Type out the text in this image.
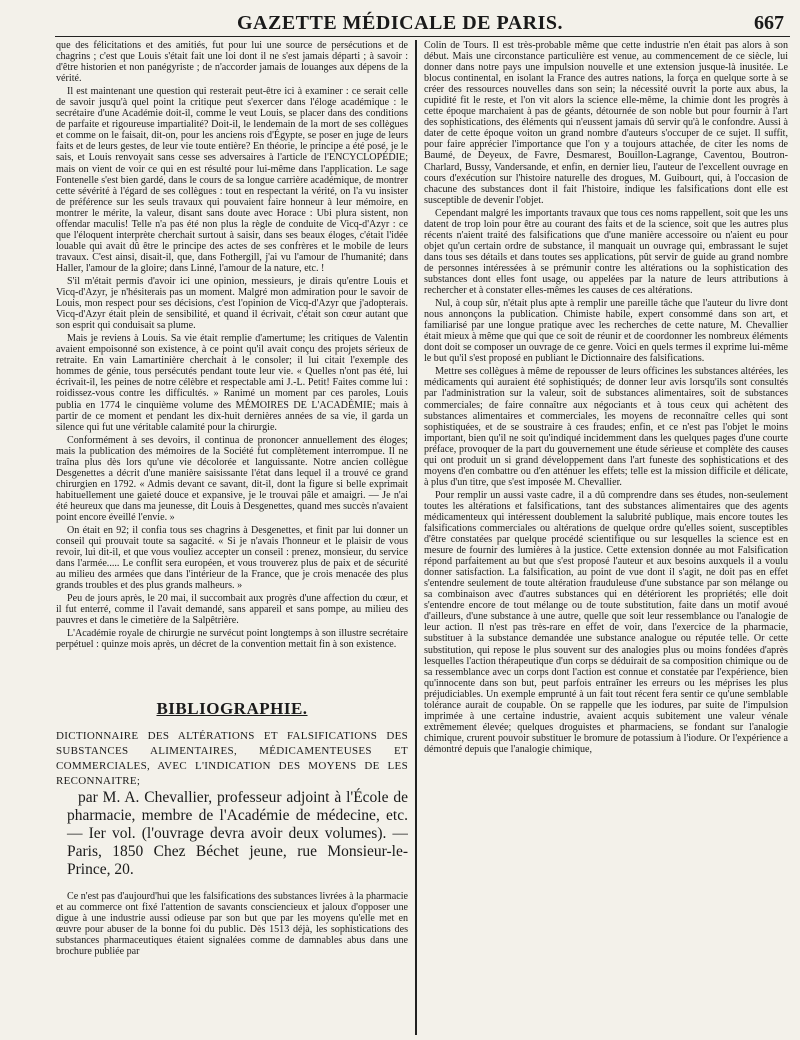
GAZETTE MÉDICALE DE PARIS.	667

que des félicitations et des amitiés, fut pour lui une source de persécutions et de chagrins ; c'est que Louis s'était fait une loi dont il ne s'est jamais départi ; à savoir : d'être historien et non panégyriste ; de n'accorder jamais de louanges aux dépens de la vérité.

Il est maintenant une question qui resterait peut-être ici à examiner : ce serait celle de savoir jusqu'à quel point la critique peut s'exercer dans l'éloge académique : le secrétaire d'une Académie doit-il, comme le veut Louis, se placer dans des conditions de parfaite et rigoureuse impartialité? Doit-il, le lendemain de la mort de ses collègues et comme on le faisait, dit-on, pour les anciens rois d'Égypte, se poser en juge de leurs faits et de leurs gestes, de leur vie toute entière? En théorie, le principe a été posé, je le sais, et Louis renvoyait sans cesse ses adversaires à l'article de l'ENCYCLOPÉDIE; mais on vient de voir ce qui en est résulté pour lui-même dans l'application. Le sage Fontenelle s'est bien gardé, dans le cours de sa longue carrière académique, de montrer cette sévérité à l'égard de ses collègues : tout en respectant la vérité, on l'a vu insister de préférence sur les seuls travaux qui pouvaient faire honneur à leur mémoire, en montrer le mérite, la valeur, disant sans doute avec Horace : Ubi plura sistent, non offendar maculis! Telle n'a pas été non plus la règle de conduite de Vicq-d'Azyr : ce que l'éloquent interprète cherchait surtout à saisir, dans ses beaux éloges, c'était l'idée louable qui avait dû être le principe des actes de ses confrères et le mobile de leurs travaux. C'est ainsi, disait-il, que, dans Fothergill, j'ai vu l'amour de l'humanité; dans Haller, l'amour de la gloire; dans Linné, l'amour de la nature, etc. !

S'il m'était permis d'avoir ici une opinion, messieurs, je dirais qu'entre Louis et Vicq-d'Azyr, je n'hésiterais pas un moment. Malgré mon admiration pour le savoir de Louis, mon respect pour ses décisions, c'est l'opinion de Vicq-d'Azyr que j'adopterais. Vicq-d'Azyr était plein de sensibilité, et quand il écrivait, c'était son cœur autant que son esprit qui conduisait sa plume.

Mais je reviens à Louis. Sa vie était remplie d'amertume; les critiques de Valentin avaient empoisonné son existence, à ce point qu'il avait conçu des projets sérieux de retraite. En vain Lamartinière cherchait à le consoler; il lui citait l'exemple des hommes de génie, tous persécutés pendant toute leur vie. « Quelles n'ont pas été, lui écrivait-il, les peines de notre célèbre et respectable ami J.-L. Petit! Faites comme lui : roidissez-vous contre les difficultés. » Ranimé un moment par ces paroles, Louis publia en 1774 le cinquième volume des MÉMOIRES DE L'ACADÉMIE; mais à partir de ce moment et pendant les dix-huit dernières années de sa vie, il garda un silence qui fut une véritable calamité pour la chirurgie.

Conformément à ses devoirs, il continua de prononcer annuellement des éloges; mais la publication des mémoires de la Société fut complètement interrompue. Il ne traîna plus dès lors qu'une vie décolorée et languissante. Notre ancien collègue Desgenettes a décrit d'une manière saisissante l'état dans lequel il a trouvé ce grand chirurgien en 1792. « Admis devant ce savant, dit-il, dont la figure si belle exprimait habituellement une gaieté douce et expansive, je le trouvai pâle et amaigri. — Je n'ai été heureux que dans ma jeunesse, dit Louis à Desgenettes, quand mes succès n'avaient point encore éveillé l'envie. »

On était en 92; il confia tous ses chagrins à Desgenettes, et finit par lui donner un conseil qui prouvait toute sa sagacité. « Si je n'avais l'honneur et le plaisir de vous revoir, lui dit-il, et que vous vouliez accepter un conseil : prenez, monsieur, du service dans l'armée..... Le conflit sera européen, et vous trouverez plus de paix et de sécurité au milieu des armées que dans l'intérieur de la France, que je crois menacée des plus grands troubles et des plus grands malheurs. »

Peu de jours après, le 20 mai, il succombait aux progrès d'une affection du cœur, et il fut enterré, comme il l'avait demandé, sans appareil et sans pompe, au milieu des pauvres et dans le cimetière de la Salpêtrière.

L'Académie royale de chirurgie ne survécut point longtemps à son illustre secrétaire perpétuel : quinze mois après, un décret de la convention mettait fin à son existence.

BIBLIOGRAPHIE.

DICTIONNAIRE DES ALTÉRATIONS ET FALSIFICATIONS DES SUBSTANCES ALIMENTAIRES, MÉDICAMENTEUSES ET COMMERCIALES, AVEC L'INDICATION DES MOYENS DE LES RECONNAITRE;

par M. A. Chevallier, professeur adjoint à l'École de pharmacie, membre de l'Académie de médecine, etc. — Ier vol. (l'ouvrage devra avoir deux volumes). — Paris, 1850 Chez Béchet jeune, rue Monsieur-le-Prince, 20.

Ce n'est pas d'aujourd'hui que les falsifications des substances livrées à la pharmacie et au commerce ont fixé l'attention de savants consciencieux et jaloux d'opposer une digue à une industrie aussi odieuse par son but que par les moyens qu'elle met en œuvre pour abuser de la bonne foi du public. Dès 1513 déjà, les sophistications des substances pharmaceutiques étaient signalées comme de damnables abus dans une brochure publiée par

Colin de Tours. Il est très-probable même que cette industrie n'en était pas alors à son début. Mais une circonstance particulière est venue, au commencement de ce siècle, lui donner dans notre pays une impulsion nouvelle et une extension jusque-là inusitée. Le blocus continental, en isolant la France des autres nations, la força en quelque sorte à se créer des ressources nouvelles dans son sein; la nécessité ouvrit la porte aux abus, la cupidité fit le reste, et l'on vit alors la science elle-même, la chimie dont les progrès à cette époque marchaient à pas de géants, détournée de son noble but pour fournir à l'art des sophistications, des éléments qui n'eussent jamais dû servir qu'à le confondre. Aussi à dater de cette époque voiton un grand nombre d'auteurs s'occuper de ce sujet. Il suffit, pour faire apprécier l'importance que l'on y a toujours attachée, de citer les noms de Baumé, de Deyeux, de Favre, Desmarest, Bouillon-Lagrange, Caventou, Boutron-Charlard, Bussy, Vandersande, et enfin, en dernier lieu, l'auteur de l'excellent ouvrage en cours d'exécution sur l'histoire naturelle des drogues, M. Guibourt, qui, à l'occasion de chacune des substances dont il fait l'histoire, indique les falsifications dont elle est susceptible de devenir l'objet.

Cependant malgré les importants travaux que tous ces noms rappellent, soit que les uns datent de trop loin pour être au courant des faits et de la science, soit que les autres plus récents n'aient traité des falsifications que d'une manière accessoire ou n'aient eu pour objet qu'un certain ordre de substance, il manquait un ouvrage qui, embrassant le sujet dans tous ses détails et dans toutes ses applications, pût servir de guide au grand nombre de personnes intéressées à se prémunir contre les altérations ou la sophistication des substances dont elles font usage, ou appelées par la nature de leurs attributions à rechercher et à constater elles-mêmes les causes de ces altérations.

Nul, à coup sûr, n'était plus apte à remplir une pareille tâche que l'auteur du livre dont nous annonçons la publication. Chimiste habile, expert consommé dans son art, et familiarisé par une longue pratique avec les recherches de cette nature, M. Chevallier était mieux à même que qui que ce soit de réunir et de coordonner les nombreux éléments dont doit se composer un ouvrage de ce genre. Voici en quels termes il exprime lui-même le but qu'il s'est proposé en publiant le Dictionnaire des falsifications.

Mettre ses collègues à même de repousser de leurs officines les substances altérées, les médicaments qui auraient été sophistiqués; de donner leur avis lorsqu'ils sont consultés par l'administration sur la valeur, soit de substances alimentaires, soit de substances commerciales; de faire connaître aux négociants et à tous ceux qui achètent des substances alimentaires et commerciales, les moyens de reconnaître celles qui sont sophistiquées, et de se soustraire à ces fraudes; enfin, et ce n'est pas l'objet le moins important, bien qu'il ne soit qu'indiqué incidemment dans les quelques pages d'une courte préface, provoquer de la part du gouvernement une étude sérieuse et complète des causes qui ont produit un si grand développement dans l'art funeste des sophistications et des moyens d'en combattre ou d'en atténuer les effets; telle est la mission difficile et délicate, à plus d'un titre, que s'est imposée M. Chevallier.

Pour remplir un aussi vaste cadre, il a dû comprendre dans ses études, non-seulement toutes les altérations et falsifications, tant des substances alimentaires que des agents médicamenteux qui intéressent doublement la salubrité publique, mais encore toutes les falsifications commerciales ou altérations de quelque ordre qu'elles soient, susceptibles d'être constatées par quelque procédé scientifique ou sur lesquelles la science est en mesure de fournir des lumières à la justice. Cette extension donnée au mot Falsification répond parfaitement au but que s'est proposé l'auteur et aux besoins auxquels il a voulu donner satisfaction. La falsification, au point de vue dont il s'agit, ne doit pas en effet s'entendre seulement de toute altération frauduleuse d'une substance par son mélange ou sa combinaison avec d'autres substances qui en détériorent les propriétés; elle doit s'entendre encore de tout mélange ou de toute substitution, faite dans un motif avoué d'ailleurs, d'une substance à une autre, quelle que soit leur ressemblance ou l'analogie de leur action. Il n'est pas très-rare en effet de voir, dans l'exercice de la pharmacie, substituer à la substance demandée une substance analogue ou réputée telle. Or cette substitution, qui repose le plus souvent sur des analogies plus ou moins fondées d'après lesquelles l'action thérapeutique d'un corps se déduirait de sa composition chimique ou de sa ressemblance avec un corps dont l'action est connue et constatée par l'expérience, bien qu'innocente dans son but, peut parfois entraîner les erreurs ou les méprises les plus préjudiciables. Un exemple emprunté à un fait tout récent fera sentir ce qu'une semblable tolérance aurait de coupable. On se rappelle que les iodures, par suite de l'impulsion imprimée à une certaine industrie, avaient acquis subitement une valeur vénale extrêmement élevée; quelques droguistes et pharmaciens, se fondant sur l'analogie chimique, crurent pouvoir substituer le bromure de potassium à l'iodure. Or l'expérience a démontré depuis que l'analogie chimique,
